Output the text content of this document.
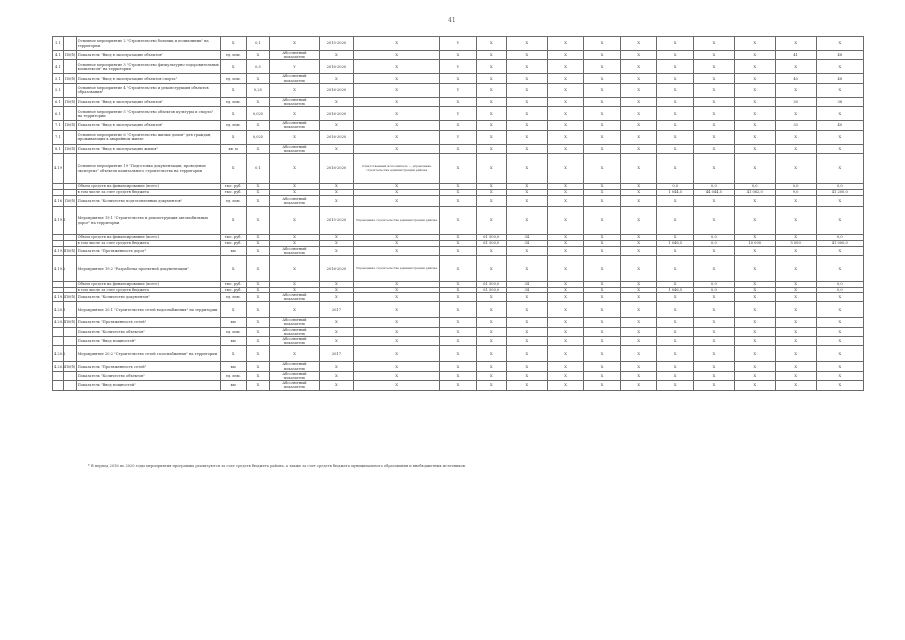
41
1.1		Основное мероприятие 2 "Строительство больниц и поликлиник" на территории	X	0,1	X	2015-2020	X	Y	X	X	X	X	X	X	X	X	X	X
4.1	П0(б)	Показатель "Ввод в эксплуатацию объектов"	ед. изм.	X	Абсолютный показатель	X	X	X	X	X	X	X	X	X	X	X	41	48
4.1		Основное мероприятие 3 "Строительство физкультурно-оздоровительных комплексов" на территории	X	0,5	Y	2016-2020	X	Y	X	X	X	X	X	X	X	X	X	X
5.1	П0(б)	Показатель "Ввод в эксплуатацию объектов спорта"	ед. изм.	X	Абсолютный показатель	X	X	X	X	X	X	X	X	X	X	X	40	48
5.1		Основное мероприятие 4 "Строительство и реконструкция объектов образования"	X	0,25	X	2016-2020	X	Y	X	X	X	X	X	X	X	X	X	X
6.1	П0(б)	Показатель "Ввод в эксплуатацию объектов"	ед. изм.	X	Абсолютный показатель	X	X	X	X	X	X	X	X	X	X	X	30	38
6.1		Основное мероприятие 5 "Строительство объектов культуры и спорта" на территории	X	0,025	X	2016-2020	X	Y	X	X	X	X	X	X	X	X	X	X
7.1	П0(б)	Показатель "Ввод в эксплуатацию объектов"	ед. изм.	X	Абсолютный показатель	X	X	X	X	X	X	X	X	X	X	X	33	40
7.1		Основное мероприятие 6 "Строительство жилых домов" для граждан, проживающих в аварийном жилье	X	0,025	X	2016-2020	X	Y	X	X	X	X	X	X	X	X	X	X
8.1	П0(б)	Показатель "Ввод в эксплуатацию жилья"	кв. м	X	Абсолютный показатель	X	X	X	X	X	X	X	X	X	X	X	X	X
4.19		Основное мероприятие 19 "Подготовка документации, проведение экспертиз" объектов капитального строительства на территории	X	0,1	X	2016-2020	Ответственный исполнитель — управление строительства администрации района	X	X	X	X	X	X	X	X	X	X	X
		Объем средств на финансирование (всего)	тыс. руб.	X	X	X	X	X	X	X	X	X	X	0,0	0,0	0,0	0,0	0,0
		в том числе за счет средств бюджета	тыс. руб.	X	X	X	X	X	X	X	X	X	X	1 044,5	44 044,5	41 062,0	9,0	41 200,0
4.16	П0(б)	Показатель "Количество подготовленных документов"	ед. изм.	X	Абсолютный показатель	X	X	X	X	X	X	X	X	X	X	X	X	X
4.19.1		Мероприятие 19.1 "Строительство и реконструкция автомобильных дорог" на территории	X	X	X	2015-2020	Управление строительства администрации района	X	X	X	X	X	X	X	X	X	X	X
		Объем средств на финансирование (всего)	тыс. руб.	X	X	X	X	X	61 500,0	34	X	X	X	X	0,0	X	X	0,0
		в том числе за счет средств бюджета	тыс. руб.	X	X	X	X	X	61 500,0	34	X	X	X	1 046,5	0,0	10 000	5 000	41 000,0
4.19.1	П0(б)	Показатель "Протяженность дорог"	км	X	Абсолютный показатель	X	X	X	X	X	X	X	X	X	X	X	X	X
4.19.2		Мероприятие 19.2 "Разработка проектной документации"	X	X	X	2016-2020	Управление строительства администрации района	X	X	X	X	X	X	X	X	X	X	X
		Объем средств на финансирование (всего)	тыс. руб.	X	X	X	X	X	61 500,0	34	X	X	X	X	0,0	X	X	0,0
		в том числе за счет средств бюджета	тыс. руб.	X	X	X	X	X	61 500,0	34	X	X	X	1 046,5	0,0	X	X	0,0
4.19.2	П0(б)	Показатель "Количество документов"	ед. изм.	X	Абсолютный показатель	X	X	X	X	X	X	X	X	X	X	X	X	X
4.20.1		Мероприятие 20.1 "Строительство сетей водоснабжения" на территории	X	X	X	2017	X	X	X	X	X	X	X	X	X	X	X	X
4.20.1	П0(б)	Показатель "Протяженность сетей"	км	X	Абсолютный показатель	X	X	X	X	X	X	X	X	X	X	X	X	X
		Показатель "Количество объектов"	ед. изм.	X	Абсолютный показатель	X	X	X	X	X	X	X	X	X	X	X	X	X
		Показатель "Ввод мощностей"	км	X	Абсолютный показатель	X	X	X	X	X	X	X	X	X	X	X	X	X
4.20.2		Мероприятие 20.2 "Строительство сетей газоснабжения" на территории	X	X	X	2017	X	X	X	X	X	X	X	X	X	X	X	X
4.20.2	П0(б)	Показатель "Протяженность сетей"	км	X	Абсолютный показатель	X	X	X	X	X	X	X	X	X	X	X	X	X
		Показатель "Количество объектов"	ед. изм.	X	Абсолютный показатель	X	X	X	X	X	X	X	X	X	X	X	X	X
		Показатель "Ввод мощностей"	км	X	Абсолютный показатель	X	X	X	X	X	X	X	X	X	X	X	X	X
* В период 2016 по 2020 годы мероприятия программы реализуются за счет средств бюджета района, а также за счет средств бюджета муниципального образования и внебюджетных источников.
